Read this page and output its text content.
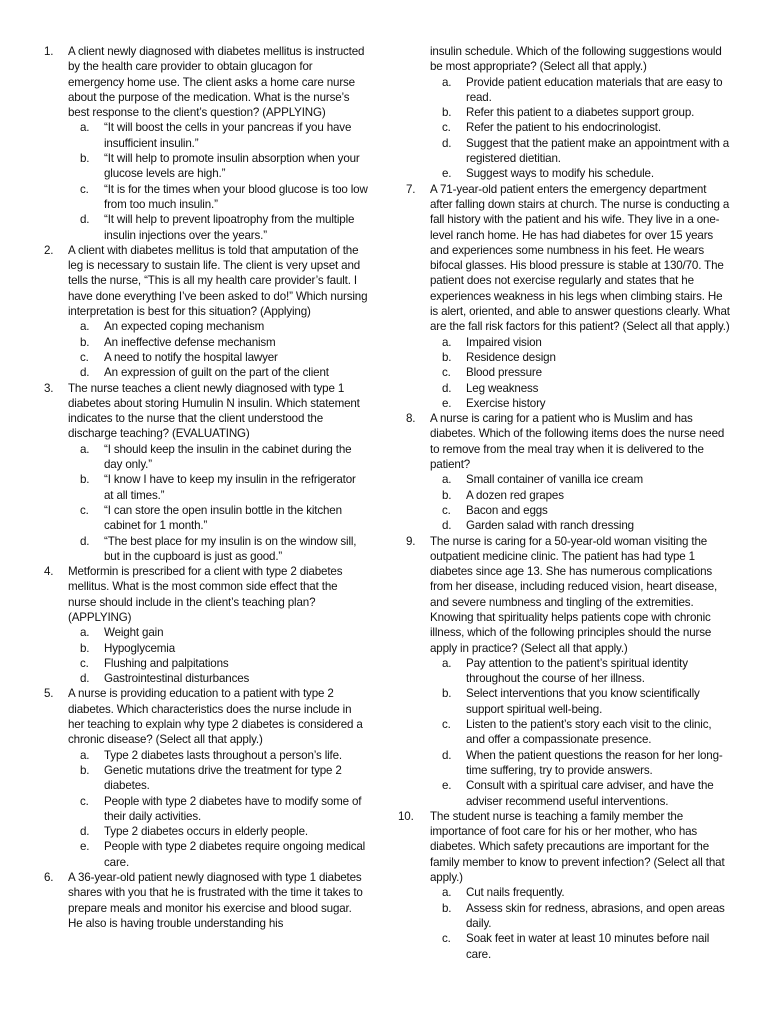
1. A client newly diagnosed with diabetes mellitus is instructed by the health care provider to obtain glucagon for emergency home use. The client asks a home care nurse about the purpose of the medication. What is the nurse’s best response to the client’s question? (APPLYING)
a. “It will boost the cells in your pancreas if you have insufficient insulin.”
b. “It will help to promote insulin absorption when your glucose levels are high.”
c. “It is for the times when your blood glucose is too low from too much insulin.”
d. “It will help to prevent lipoatrophy from the multiple insulin injections over the years.”
2. A client with diabetes mellitus is told that amputation of the leg is necessary to sustain life. The client is very upset and tells the nurse, “This is all my health care provider’s fault. I have done everything I’ve been asked to do!” Which nursing interpretation is best for this situation? (Applying)
a. An expected coping mechanism
b. An ineffective defense mechanism
c. A need to notify the hospital lawyer
d. An expression of guilt on the part of the client
3. The nurse teaches a client newly diagnosed with type 1 diabetes about storing Humulin N insulin. Which statement indicates to the nurse that the client understood the discharge teaching? (EVALUATING)
a. “I should keep the insulin in the cabinet during the day only.”
b. “I know I have to keep my insulin in the refrigerator at all times.”
c. “I can store the open insulin bottle in the kitchen cabinet for 1 month.”
d. “The best place for my insulin is on the window sill, but in the cupboard is just as good.”
4. Metformin is prescribed for a client with type 2 diabetes mellitus. What is the most common side effect that the nurse should include in the client’s teaching plan? (APPLYING)
a. Weight gain
b. Hypoglycemia
c. Flushing and palpitations
d. Gastrointestinal disturbances
5. A nurse is providing education to a patient with type 2 diabetes. Which characteristics does the nurse include in her teaching to explain why type 2 diabetes is considered a chronic disease? (Select all that apply.)
a. Type 2 diabetes lasts throughout a person’s life.
b. Genetic mutations drive the treatment for type 2 diabetes.
c. People with type 2 diabetes have to modify some of their daily activities.
d. Type 2 diabetes occurs in elderly people.
e. People with type 2 diabetes require ongoing medical care.
6. A 36-year-old patient newly diagnosed with type 1 diabetes shares with you that he is frustrated with the time it takes to prepare meals and monitor his exercise and blood sugar. He also is having trouble understanding his
insulin schedule. Which of the following suggestions would be most appropriate? (Select all that apply.)
a. Provide patient education materials that are easy to read.
b. Refer this patient to a diabetes support group.
c. Refer the patient to his endocrinologist.
d. Suggest that the patient make an appointment with a registered dietitian.
e. Suggest ways to modify his schedule.
7. A 71-year-old patient enters the emergency department after falling down stairs at church. The nurse is conducting a fall history with the patient and his wife. They live in a one-level ranch home. He has had diabetes for over 15 years and experiences some numbness in his feet. He wears bifocal glasses. His blood pressure is stable at 130/70. The patient does not exercise regularly and states that he experiences weakness in his legs when climbing stairs. He is alert, oriented, and able to answer questions clearly. What are the fall risk factors for this patient? (Select all that apply.)
a. Impaired vision
b. Residence design
c. Blood pressure
d. Leg weakness
e. Exercise history
8. A nurse is caring for a patient who is Muslim and has diabetes. Which of the following items does the nurse need to remove from the meal tray when it is delivered to the patient?
a. Small container of vanilla ice cream
b. A dozen red grapes
c. Bacon and eggs
d. Garden salad with ranch dressing
9. The nurse is caring for a 50-year-old woman visiting the outpatient medicine clinic. The patient has had type 1 diabetes since age 13. She has numerous complications from her disease, including reduced vision, heart disease, and severe numbness and tingling of the extremities. Knowing that spirituality helps patients cope with chronic illness, which of the following principles should the nurse apply in practice? (Select all that apply.)
a. Pay attention to the patient’s spiritual identity throughout the course of her illness.
b. Select interventions that you know scientifically support spiritual well-being.
c. Listen to the patient’s story each visit to the clinic, and offer a compassionate presence.
d. When the patient questions the reason for her long-time suffering, try to provide answers.
e. Consult with a spiritual care adviser, and have the adviser recommend useful interventions.
10. The student nurse is teaching a family member the importance of foot care for his or her mother, who has diabetes. Which safety precautions are important for the family member to know to prevent infection? (Select all that apply.)
a. Cut nails frequently.
b. Assess skin for redness, abrasions, and open areas daily.
c. Soak feet in water at least 10 minutes before nail care.
